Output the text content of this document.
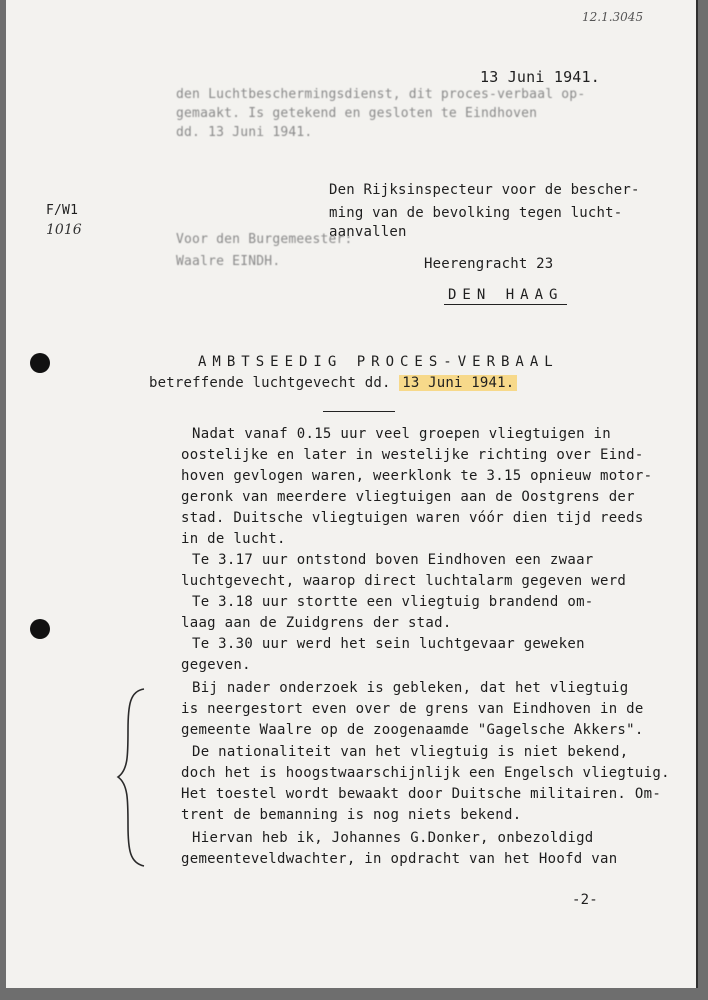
12.1.3045
13 Juni 1941.
den Luchtbeschermingsdienst, dit proces-verbaal op-
gemaakt. Is getekend en gesloten te Eindhoven
dd. 13 Juni 1941.
F/W1
1016
Den Rijksinspecteur voor de bescher-
ming van de bevolking tegen lucht-
aanvallen
Voor den Burgemeester:
Waalre EINDH.	Heerengracht 23
DEN HAAG
AMBTSEEDIG PROCES-VERBAAL
betreffende luchtgevecht dd. 13 Juni 1941.
Nadat vanaf 0.15 uur veel groepen vliegtuigen in
oostelijke en later in westelijke richting over Eind-
hoven gevlogen waren, weerklonk te 3.15 opnieuw motor-
geronk van meerdere vliegtuigen aan de Oostgrens der
stad. Duitsche vliegtuigen waren vóór dien tijd reeds
in de lucht.
Te 3.17 uur ontstond boven Eindhoven een zwaar
luchtgevecht, waarop direct luchtalarm gegeven werd
Te 3.18 uur stortte een vliegtuig brandend om-
laag aan de Zuidgrens der stad.
Te 3.30 uur werd het sein luchtgevaar geweken
gegeven.
Bij nader onderzoek is gebleken, dat het vliegtuig
is neergestort even over de grens van Eindhoven in de
gemeente Waalre op de zoogenaamde "Gagelsche Akkers".
De nationaliteit van het vliegtuig is niet bekend,
doch het is hoogstwaarschijnlijk een Engelsch vliegtuig.
Het toestel wordt bewaakt door Duitsche militairen. Om-
trent de bemanning is nog niets bekend.
Hiervan heb ik, Johannes G.Donker, onbezoldigd
gemeenteveldwachter, in opdracht van het Hoofd van
-2-
